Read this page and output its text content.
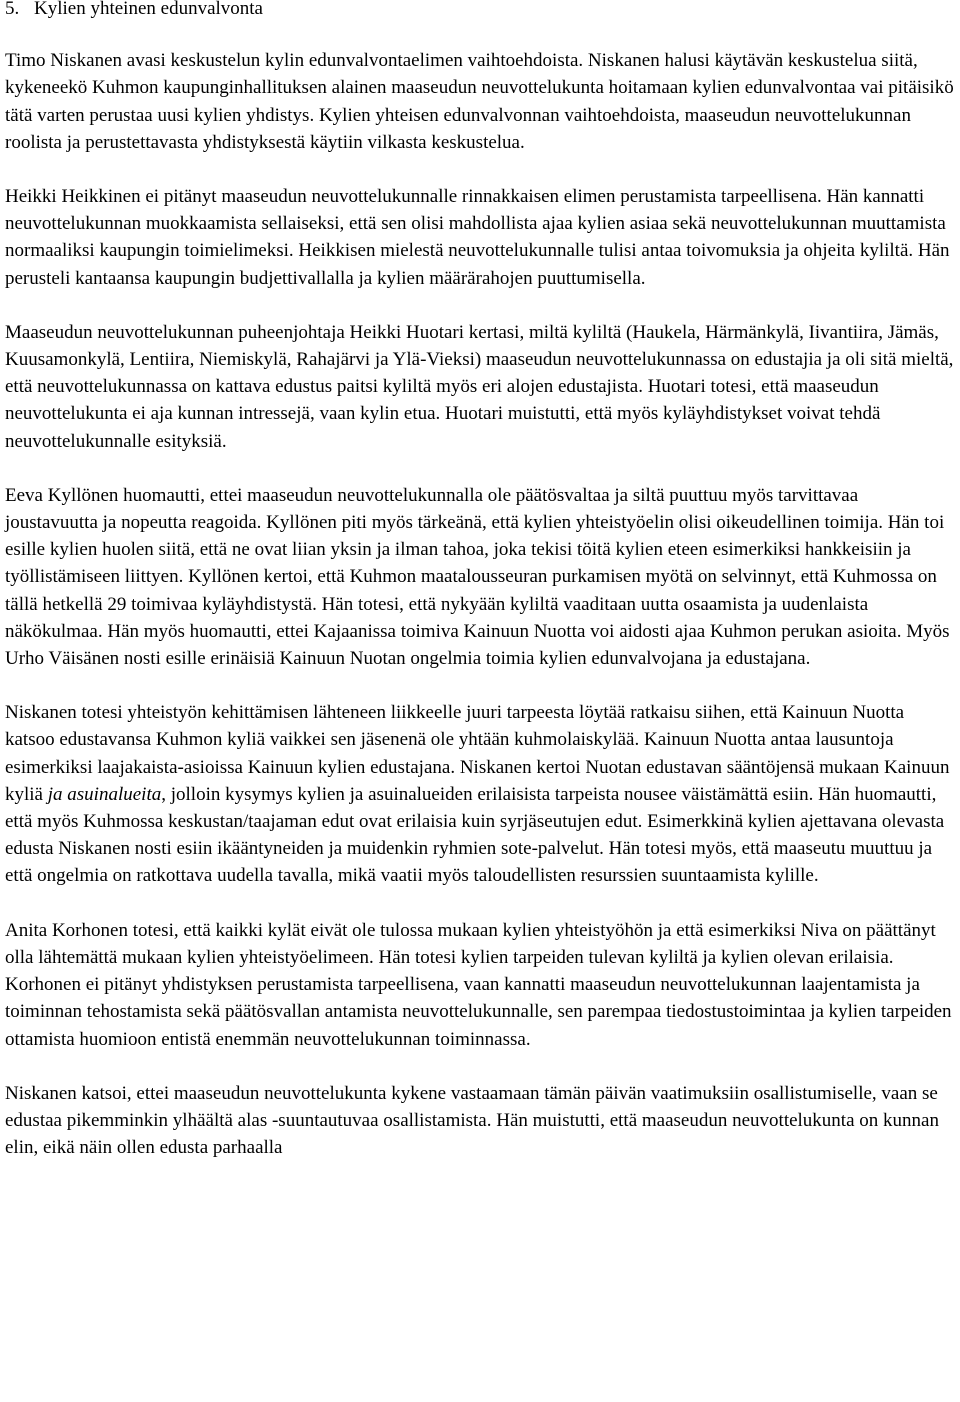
5. Kylien yhteinen edunvalvonta

Timo Niskanen avasi keskustelun kylin edunvalvontaelimen vaihtoehdoista. Niskanen halusi käytävän keskustelua siitä, kykeneekö Kuhmon kaupunginhallituksen alainen maaseudun neuvottelukunta hoitamaan kylien edunvalvontaa vai pitäisikö tätä varten perustaa uusi kylien yhdistys. Kylien yhteisen edunvalvonnan vaihtoehdoista, maaseudun neuvottelukunnan roolista ja perustettavasta yhdistyksestä käytiin vilkasta keskustelua.

Heikki Heikkinen ei pitänyt maaseudun neuvottelukunnalle rinnakkaisen elimen perustamista tarpeellisena. Hän kannatti neuvottelukunnan muokkaamista sellaiseksi, että sen olisi mahdollista ajaa kylien asiaa sekä neuvottelukunnan muuttamista normaaliksi kaupungin toimielimeksi. Heikkisen mielestä neuvottelukunnalle tulisi antaa toivomuksia ja ohjeita kyliltä. Hän perusteli kantaansa kaupungin budjettivallalla ja kylien määrärahojen puuttumisella.

Maaseudun neuvottelukunnan puheenjohtaja Heikki Huotari kertasi, miltä kyliltä (Haukela, Härmänkylä, Iivantiira, Jämäs, Kuusamonkylä, Lentiira, Niemiskylä, Rahajärvi ja Ylä-Vieksi) maaseudun neuvottelukunnassa on edustajia ja oli sitä mieltä, että neuvottelukunnassa on kattava edustus paitsi kyliltä myös eri alojen edustajista. Huotari totesi, että maaseudun neuvottelukunta ei aja kunnan intressejä, vaan kylin etua. Huotari muistutti, että myös kyläyhdistykset voivat tehdä neuvottelukunnalle esityksiä.

Eeva Kyllönen huomautti, ettei maaseudun neuvottelukunnalla ole päätösvaltaa ja siltä puuttuu myös tarvittavaa joustavuutta ja nopeutta reagoida. Kyllönen piti myös tärkeänä, että kylien yhteistyöelin olisi oikeudellinen toimija. Hän toi esille kylien huolen siitä, että ne ovat liian yksin ja ilman tahoa, joka tekisi töitä kylien eteen esimerkiksi hankkeisiin ja työllistämiseen liittyen. Kyllönen kertoi, että Kuhmon maatalousseuran purkamisen myötä on selvinnyt, että Kuhmossa on tällä hetkellä 29 toimivaa kyläyhdistystä. Hän totesi, että nykyään kyliltä vaaditaan uutta osaamista ja uudenlaista näkökulmaa. Hän myös huomautti, ettei Kajaanissa toimiva Kainuun Nuotta voi aidosti ajaa Kuhmon perukan asioita. Myös Urho Väisänen nosti esille erinäisiä Kainuun Nuotan ongelmia toimia kylien edunvalvojana ja edustajana.

Niskanen totesi yhteistyön kehittämisen lähteneen liikkeelle juuri tarpeesta löytää ratkaisu siihen, että Kainuun Nuotta katsoo edustavansa Kuhmon kyliä vaikkei sen jäsenenä ole yhtään kuhmolaiskylää. Kainuun Nuotta antaa lausuntoja esimerkiksi laajakaista-asioissa Kainuun kylien edustajana. Niskanen kertoi Nuotan edustavan sääntöjensä mukaan Kainuun kyliä ja asuinalueita, jolloin kysymys kylien ja asuinalueiden erilaisista tarpeista nousee väistämättä esiin. Hän huomautti, että myös Kuhmossa keskustan/taajaman edut ovat erilaisia kuin syrjäseutujen edut. Esimerkkinä kylien ajettavana olevasta edusta Niskanen nosti esiin ikääntyneiden ja muidenkin ryhmien sote-palvelut. Hän totesi myös, että maaseutu muuttuu ja että ongelmia on ratkottava uudella tavalla, mikä vaatii myös taloudellisten resurssien suuntaamista kylille.

Anita Korhonen totesi, että kaikki kylät eivät ole tulossa mukaan kylien yhteistyöhön ja että esimerkiksi Niva on päättänyt olla lähtemättä mukaan kylien yhteistyöelimeen. Hän totesi kylien tarpeiden tulevan kyliltä ja kylien olevan erilaisia. Korhonen ei pitänyt yhdistyksen perustamista tarpeellisena, vaan kannatti maaseudun neuvottelukunnan laajentamista ja toiminnan tehostamista sekä päätösvallan antamista neuvottelukunnalle, sen parempaa tiedostustoimintaa ja kylien tarpeiden ottamista huomioon entistä enemmän neuvottelukunnan toiminnassa.

Niskanen katsoi, ettei maaseudun neuvottelukunta kykene vastaamaan tämän päivän vaatimuksiin osallistumiselle, vaan se edustaa pikemminkin ylhäältä alas -suuntautuvaa osallistamista. Hän muistutti, että maaseudun neuvottelukunta on kunnan elin, eikä näin ollen edusta parhaalla
